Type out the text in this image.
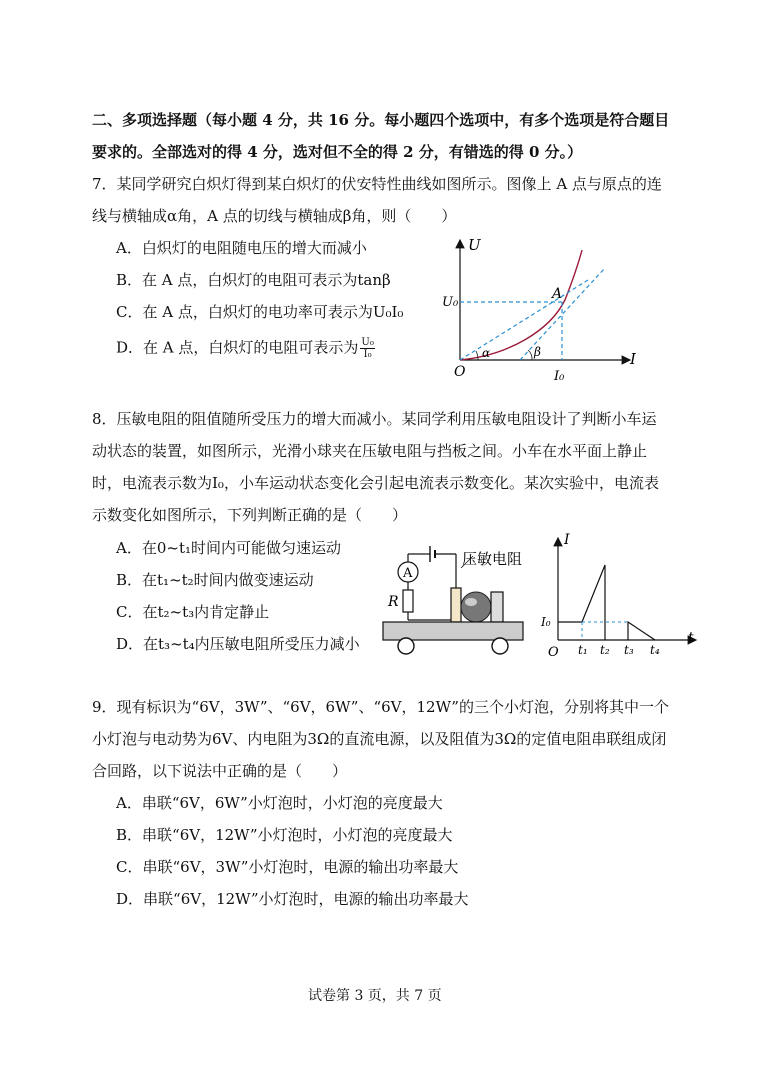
二、多项选择题（每小题 4 分，共 16 分。每小题四个选项中，有多个选项是符合题目
要求的。全部选对的得 4 分，选对但不全的得 2 分，有错选的得 0 分。）
7．某同学研究白炽灯得到某白炽灯的伏安特性曲线如图所示。图像上 A 点与原点的连
线与横轴成α角，A 点的切线与横轴成β角，则（　　）
A．白炽灯的电阻随电压的增大而减小
B．在 A 点，白炽灯的电阻可表示为tanβ
C．在 A 点，白炽灯的电功率可表示为U₀I₀
D．在 A 点，白炽灯的电阻可表示为 $\frac{\text{U₀}}{\text{I₀}}$
U
I
O
U₀
I₀
A
α	β
8．压敏电阻的阻值随所受压力的增大而减小。某同学利用压敏电阻设计了判断小车运
动状态的装置，如图所示，光滑小球夹在压敏电阻与挡板之间。小车在水平面上静止
时，电流表示数为I₀，小车运动状态变化会引起电流表示数变化。某次实验中，电流表
示数变化如图所示，下列判断正确的是（　　）
A．在0~t₁时间内可能做匀速运动
B．在t₁~t₂时间内做变速运动
C．在t₂~t₃内肯定静止
D．在t₃~t₄内压敏电阻所受压力减小
A
R
压敏电阻
I
t
O
I₀
t₁ t₂ t₃ t₄
9．现有标识为“6V，3W”、“6V，6W”、“6V，12W”的三个小灯泡，分别将其中一个
小灯泡与电动势为6V、内电阻为3Ω的直流电源，以及阻值为3Ω的定值电阻串联组成闭
合回路，以下说法中正确的是（　　）
A．串联“6V，6W”小灯泡时，小灯泡的亮度最大
B．串联“6V，12W”小灯泡时，小灯泡的亮度最大
C．串联“6V，3W”小灯泡时，电源的输出功率最大
D．串联“6V，12W”小灯泡时，电源的输出功率最大
试卷第 3 页，共 7 页
